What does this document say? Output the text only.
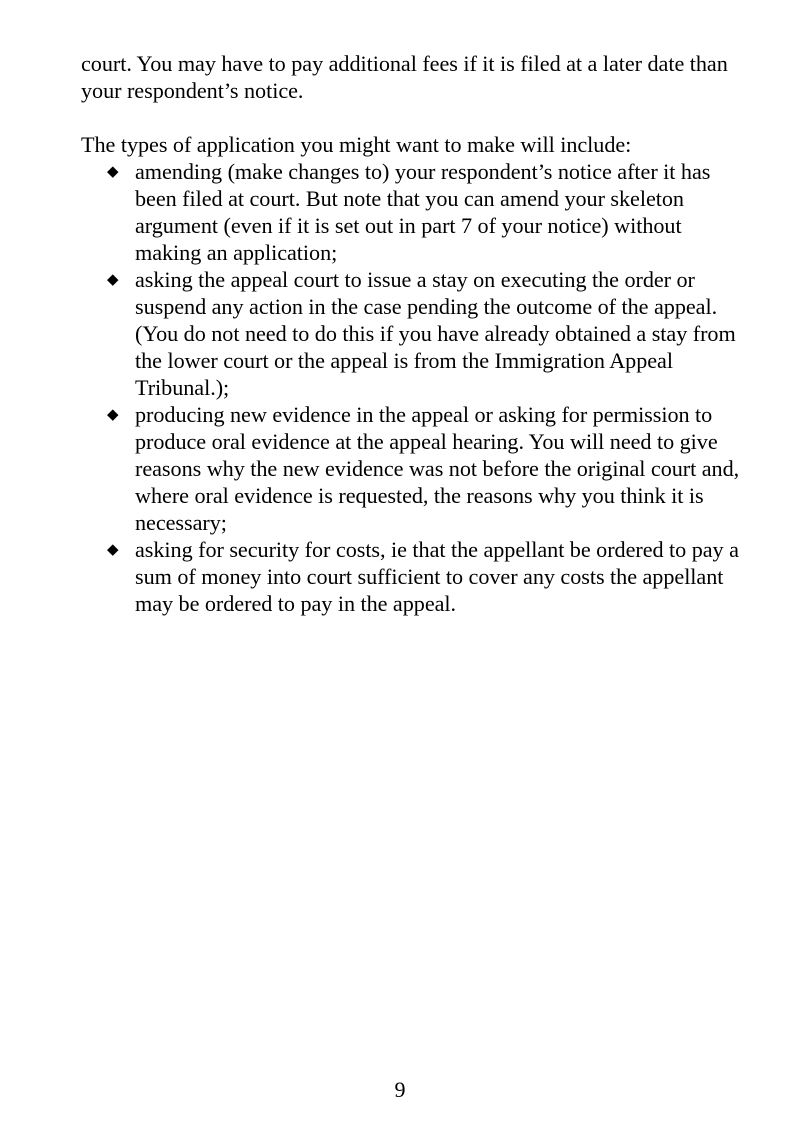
court. You may have to pay additional fees if it is filed at a later date than your respondent’s notice.

The types of application you might want to make will include:

◆ amending (make changes to) your respondent’s notice after it has been filed at court. But note that you can amend your skeleton argument (even if it is set out in part 7 of your notice) without making an application;
◆ asking the appeal court to issue a stay on executing the order or suspend any action in the case pending the outcome of the appeal. (You do not need to do this if you have already obtained a stay from the lower court or the appeal is from the Immigration Appeal Tribunal.);
◆ producing new evidence in the appeal or asking for permission to produce oral evidence at the appeal hearing. You will need to give reasons why the new evidence was not before the original court and, where oral evidence is requested, the reasons why you think it is necessary;
◆ asking for security for costs, ie that the appellant be ordered to pay a sum of money into court sufficient to cover any costs the appellant may be ordered to pay in the appeal.
9
